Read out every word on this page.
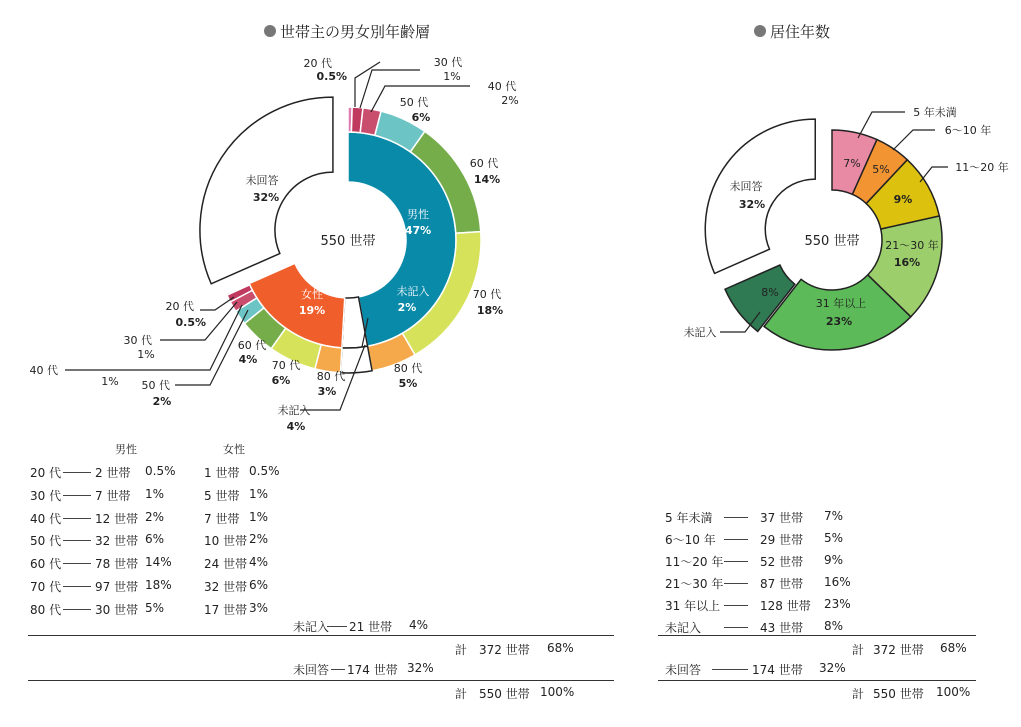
世帯主の男女別年齢層	居住年数
550 世帯
男性
47%
女性
19%
未記入
2%
未回答
32%
20 代
0.5%
30 代
1%
40 代
2%
50 代
6%
60 代
14%
70 代
18%
80 代
5%
20 代
0.5%
30 代
1%
40 代
1% 50 代
2%
60 代
4% 70 代
6% 80 代
3%
未記入
4%
550 世帯
未回答
32%
5 年未満
6〜10 年
11〜20 年
未記入
7% 5%
9%
21〜30 年
16%
31 年以上
23%
8%
男性	女性
20 代	2 世帯 0.5% 1 世帯 0.5%
30 代	7 世帯 1%	5 世帯 1%
40 代	12 世帯 2%	7 世帯 1%
50 代	32 世帯 6%	10 世帯 2%
60 代	78 世帯 14%	24 世帯 4%
70 代	97 世帯 18%	32 世帯 6%
80 代	30 世帯 5%	17 世帯 3%
未記入 21 世帯 4%
計 372 世帯 68%
未回答 174 世帯 32%
計 550 世帯 100%
5 年未満	37 世帯 7%
6〜10 年	29 世帯 5%
11〜20 年	52 世帯 9%
21〜30 年	87 世帯 16%
31 年以上	128 世帯 23%
未記入	43 世帯 8%
計 372 世帯 68%
未回答	174 世帯 32%
計 550 世帯 100%
